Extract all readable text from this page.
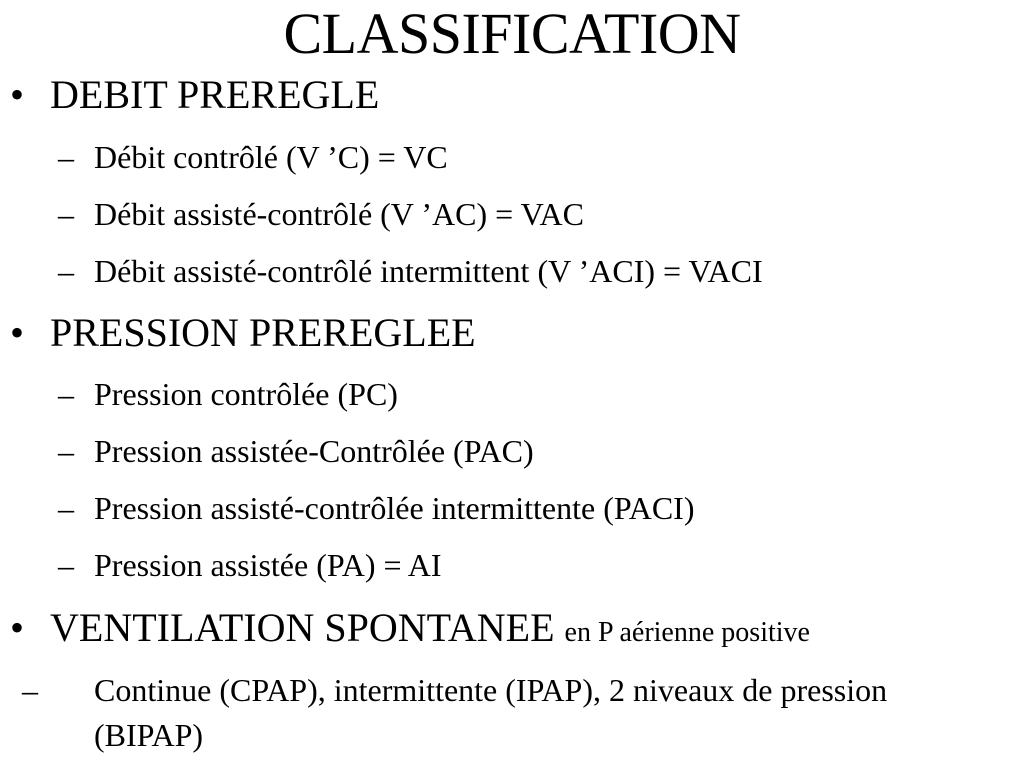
CLASSIFICATION
• DEBIT PREREGLE
– Débit contrôlé (V ’C) = VC
– Débit assisté-contrôlé (V ’AC) = VAC
– Débit assisté-contrôlé intermittent (V ’ACI) = VACI
• PRESSION PREREGLEE
– Pression contrôlée (PC)
– Pression assistée-Contrôlée (PAC)
– Pression assisté-contrôlée intermittente (PACI)
– Pression assistée (PA) = AI
• VENTILATION SPONTANEE en P aérienne positive
– Continue (CPAP), intermittente (IPAP), 2 niveaux de pression (BIPAP)
